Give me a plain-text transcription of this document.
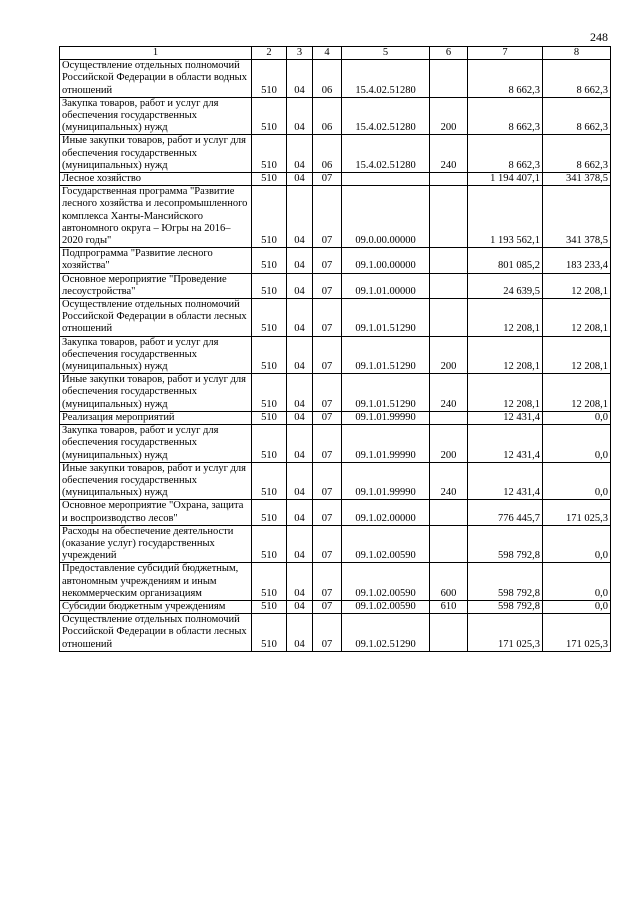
248
1	2	3	4	5	6	7	8
Осуществление отдельных полномочий Российской Федерации в области водных отношений	510	04	06	15.4.02.51280		8 662,3	8 662,3
Закупка товаров, работ и услуг для обеспечения государственных (муниципальных) нужд	510	04	06	15.4.02.51280	200	8 662,3	8 662,3
Иные закупки товаров, работ и услуг для обеспечения государственных (муниципальных) нужд	510	04	06	15.4.02.51280	240	8 662,3	8 662,3
Лесное хозяйство	510	04	07			1 194 407,1	341 378,5
Государственная программа "Развитие лесного хозяйства и лесопромышленного комплекса Ханты-Мансийского автономного округа – Югры на 2016– 2020 годы"	510	04	07	09.0.00.00000		1 193 562,1	341 378,5
Подпрограмма "Развитие лесного хозяйства"	510	04	07	09.1.00.00000		801 085,2	183 233,4
Основное мероприятие "Проведение лесоустройства"	510	04	07	09.1.01.00000		24 639,5	12 208,1
Осуществление отдельных полномочий Российской Федерации в области лесных отношений	510	04	07	09.1.01.51290		12 208,1	12 208,1
Закупка товаров, работ и услуг для обеспечения государственных (муниципальных) нужд	510	04	07	09.1.01.51290	200	12 208,1	12 208,1
Иные закупки товаров, работ и услуг для обеспечения государственных (муниципальных) нужд	510	04	07	09.1.01.51290	240	12 208,1	12 208,1
Реализация мероприятий	510	04	07	09.1.01.99990		12 431,4	0,0
Закупка товаров, работ и услуг для обеспечения государственных (муниципальных) нужд	510	04	07	09.1.01.99990	200	12 431,4	0,0
Иные закупки товаров, работ и услуг для обеспечения государственных (муниципальных) нужд	510	04	07	09.1.01.99990	240	12 431,4	0,0
Основное мероприятие "Охрана, защита и воспроизводство лесов"	510	04	07	09.1.02.00000		776 445,7	171 025,3
Расходы на обеспечение деятельности (оказание услуг) государственных учреждений	510	04	07	09.1.02.00590		598 792,8	0,0
Предоставление субсидий бюджетным, автономным учреждениям и иным некоммерческим организациям	510	04	07	09.1.02.00590	600	598 792,8	0,0
Субсидии бюджетным учреждениям	510	04	07	09.1.02.00590	610	598 792,8	0,0
Осуществление отдельных полномочий Российской Федерации в области лесных отношений	510	04	07	09.1.02.51290		171 025,3	171 025,3
